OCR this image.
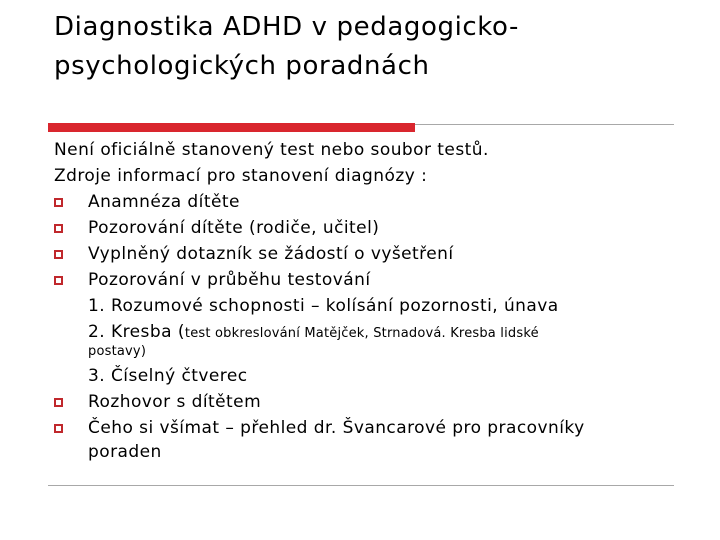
Diagnostika ADHD v pedagogicko-
psychologických poradnách
Není oficiálně stanovený test nebo soubor testů.
Zdroje informací pro stanovení diagnózy :
Anamnéza dítěte
Pozorování dítěte (rodiče, učitel)
Vyplněný dotazník se žádostí o vyšetření
Pozorování v průběhu testování
1. Rozumové schopnosti – kolísání pozornosti, únava
2. Kresba (test obkreslování Matějček, Strnadová. Kresba lidské
postavy)
3. Číselný čtverec
Rozhovor s dítětem
Čeho si všímat – přehled dr. Švancarové pro pracovníky
poraden
